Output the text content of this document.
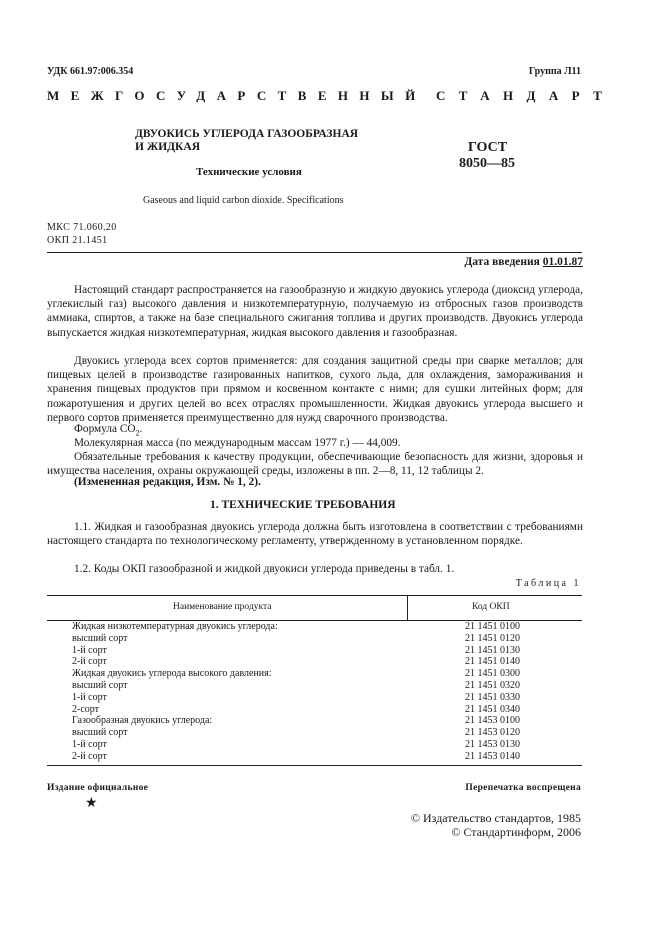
УДК 661.97:006.354	Группа Л11
МЕЖГОСУДАРСТВЕННЫЙ СТАНДАРТ
ДВУОКИСЬ УГЛЕРОДА ГАЗООБРАЗНАЯ
И ЖИДКАЯ
Технические условия
Gaseous and liquid carbon dioxide. Specifications
ГОСТ
8050—85
МКС 71.060.20
ОКП 21.1451
Дата введения 01.01.87
Настоящий стандарт распространяется на газообразную и жидкую двуокись углерода (диоксид углерода, углекислый газ) высокого давления и низкотемпературную, получаемую из отбросных газов производств аммиака, спиртов, а также на базе специального сжигания топлива и других производств. Двуокись углерода выпускается жидкая низкотемпературная, жидкая высокого давления и газообразная.
Двуокись углерода всех сортов применяется: для создания защитной среды при сварке металлов; для пищевых целей в производстве газированных напитков, сухого льда, для охлаждения, замораживания и хранения пищевых продуктов при прямом и косвенном контакте с ними; для сушки литейных форм; для пожаротушения и других целей во всех отраслях промышленности. Жидкая двуокись углерода высшего и первого сортов применяется преимущественно для нужд сварочного производства.
Формула $CO_2$.
Молекулярная масса (по международным массам 1977 г.) — 44,009.
Обязательные требования к качеству продукции, обеспечивающие безопасность для жизни, здоровья и имущества населения, охраны окружающей среды, изложены в пп. 2—8, 11, 12 таблицы 2.
(Измененная редакция, Изм. № 1, 2).
1. ТЕХНИЧЕСКИЕ ТРЕБОВАНИЯ
1.1. Жидкая и газообразная двуокись углерода должна быть изготовлена в соответствии с требованиями настоящего стандарта по технологическому регламенту, утвержденному в установленном порядке.
1.2. Коды ОКП газообразной и жидкой двуокиси углерода приведены в табл. 1.
Таблица 1
Наименование продукта	Код ОКП
Жидкая низкотемпературная двуокись углерода:	21 1451 0100
высший сорт	21 1451 0120
1-й сорт	21 1451 0130
2-й сорт	21 1451 0140
Жидкая двуокись углерода высокого давления:	21 1451 0300
высший сорт	21 1451 0320
1-й сорт	21 1451 0330
2-сорт	21 1451 0340
Газообразная двуокись углерода:	21 1453 0100
высший сорт	21 1453 0120
1-й сорт	21 1453 0130
2-й сорт	21 1453 0140
Издание официальное	Перепечатка воспрещена
★
© Издательство стандартов, 1985
© Стандартинформ, 2006
